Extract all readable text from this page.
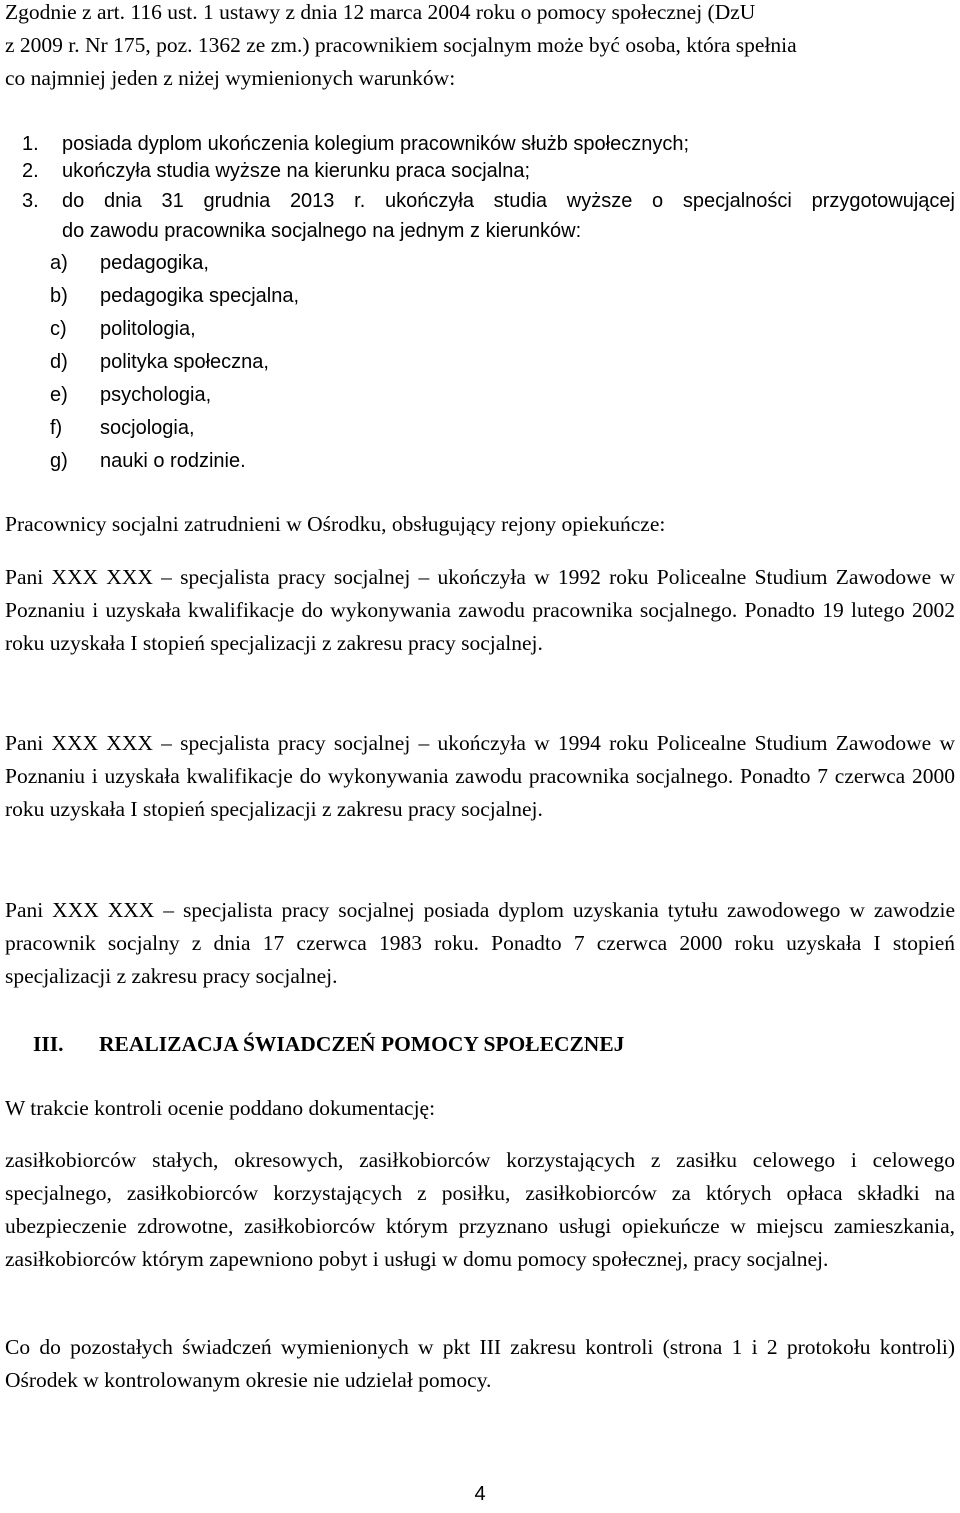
Zgodnie z art. 116 ust. 1 ustawy z dnia 12 marca 2004 roku o pomocy społecznej (DzU
z 2009 r. Nr 175, poz. 1362 ze zm.) pracownikiem socjalnym może być osoba, która spełnia
co najmniej jeden z niżej wymienionych warunków:
1.	posiada dyplom ukończenia kolegium pracowników służb społecznych;
2.	ukończyła studia wyższe na kierunku praca socjalna;
3.	do dnia 31 grudnia 2013 r. ukończyła studia wyższe o specjalności przygotowującej
do zawodu pracownika socjalnego na jednym z kierunków:
a) pedagogika,
b) pedagogika specjalna,
c) politologia,
d) polityka społeczna,
e) psychologia,
f) socjologia,
g) nauki o rodzinie.
Pracownicy socjalni zatrudnieni w Ośrodku, obsługujący rejony opiekuńcze:

Pani XXX XXX – specjalista pracy socjalnej – ukończyła w 1992 roku Policealne Studium Zawodowe w Poznaniu i uzyskała kwalifikacje do wykonywania zawodu pracownika socjalnego. Ponadto 19 lutego 2002 roku uzyskała I stopień specjalizacji z zakresu pracy socjalnej.

Pani XXX XXX – specjalista pracy socjalnej – ukończyła w 1994 roku Policealne Studium Zawodowe w Poznaniu i uzyskała kwalifikacje do wykonywania zawodu pracownika socjalnego. Ponadto 7 czerwca 2000 roku uzyskała I stopień specjalizacji z zakresu pracy socjalnej.

Pani XXX XXX – specjalista pracy socjalnej posiada dyplom uzyskania tytułu zawodowego w zawodzie pracownik socjalny z dnia 17 czerwca 1983 roku. Ponadto 7 czerwca 2000 roku uzyskała I stopień specjalizacji z zakresu pracy socjalnej.

III. REALIZACJA ŚWIADCZEŃ POMOCY SPOŁECZNEJ
W trakcie kontroli ocenie poddano dokumentację:

zasiłkobiorców stałych, okresowych, zasiłkobiorców korzystających z zasiłku celowego i celowego specjalnego, zasiłkobiorców korzystających z posiłku, zasiłkobiorców za których opłaca składki na ubezpieczenie zdrowotne, zasiłkobiorców którym przyznano usługi opiekuńcze w miejscu zamieszkania, zasiłkobiorców którym zapewniono pobyt i usługi w domu pomocy społecznej, pracy socjalnej.

Co do pozostałych świadczeń wymienionych w pkt III zakresu kontroli (strona 1 i 2 protokołu kontroli) Ośrodek w kontrolowanym okresie nie udzielał pomocy.

4
